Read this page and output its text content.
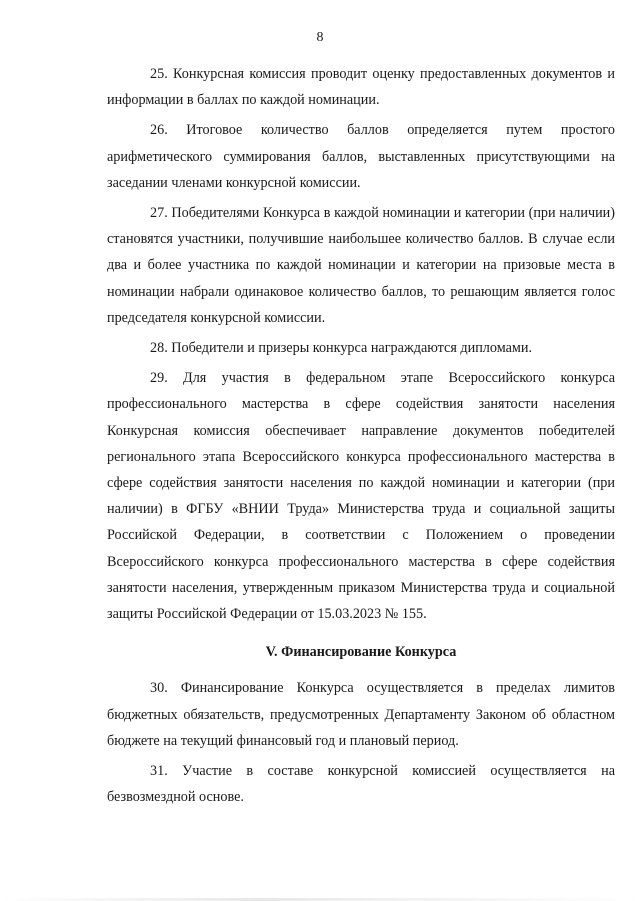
8

25. Конкурсная комиссия проводит оценку предоставленных документов и информации в баллах по каждой номинации.

26. Итоговое количество баллов определяется путем простого арифметического суммирования баллов, выставленных присутствующими на заседании членами конкурсной комиссии.

27. Победителями Конкурса в каждой номинации и категории (при наличии) становятся участники, получившие наибольшее количество баллов. В случае если два и более участника по каждой номинации и категории на призовые места в номинации набрали одинаковое количество баллов, то решающим является голос председателя конкурсной комиссии.

28. Победители и призеры конкурса награждаются дипломами.

29. Для участия в федеральном этапе Всероссийского конкурса профессионального мастерства в сфере содействия занятости населения Конкурсная комиссия обеспечивает направление документов победителей регионального этапа Всероссийского конкурса профессионального мастерства в сфере содействия занятости населения по каждой номинации и категории (при наличии) в ФГБУ «ВНИИ Труда» Министерства труда и социальной защиты Российской Федерации, в соответствии с Положением о проведении Всероссийского конкурса профессионального мастерства в сфере содействия занятости населения, утвержденным приказом Министерства труда и социальной защиты Российской Федерации от 15.03.2023 № 155.

V. Финансирование Конкурса

30. Финансирование Конкурса осуществляется в пределах лимитов бюджетных обязательств, предусмотренных Департаменту Законом об областном бюджете на текущий финансовый год и плановый период.

31. Участие в составе конкурсной комиссией осуществляется на безвозмездной основе.
